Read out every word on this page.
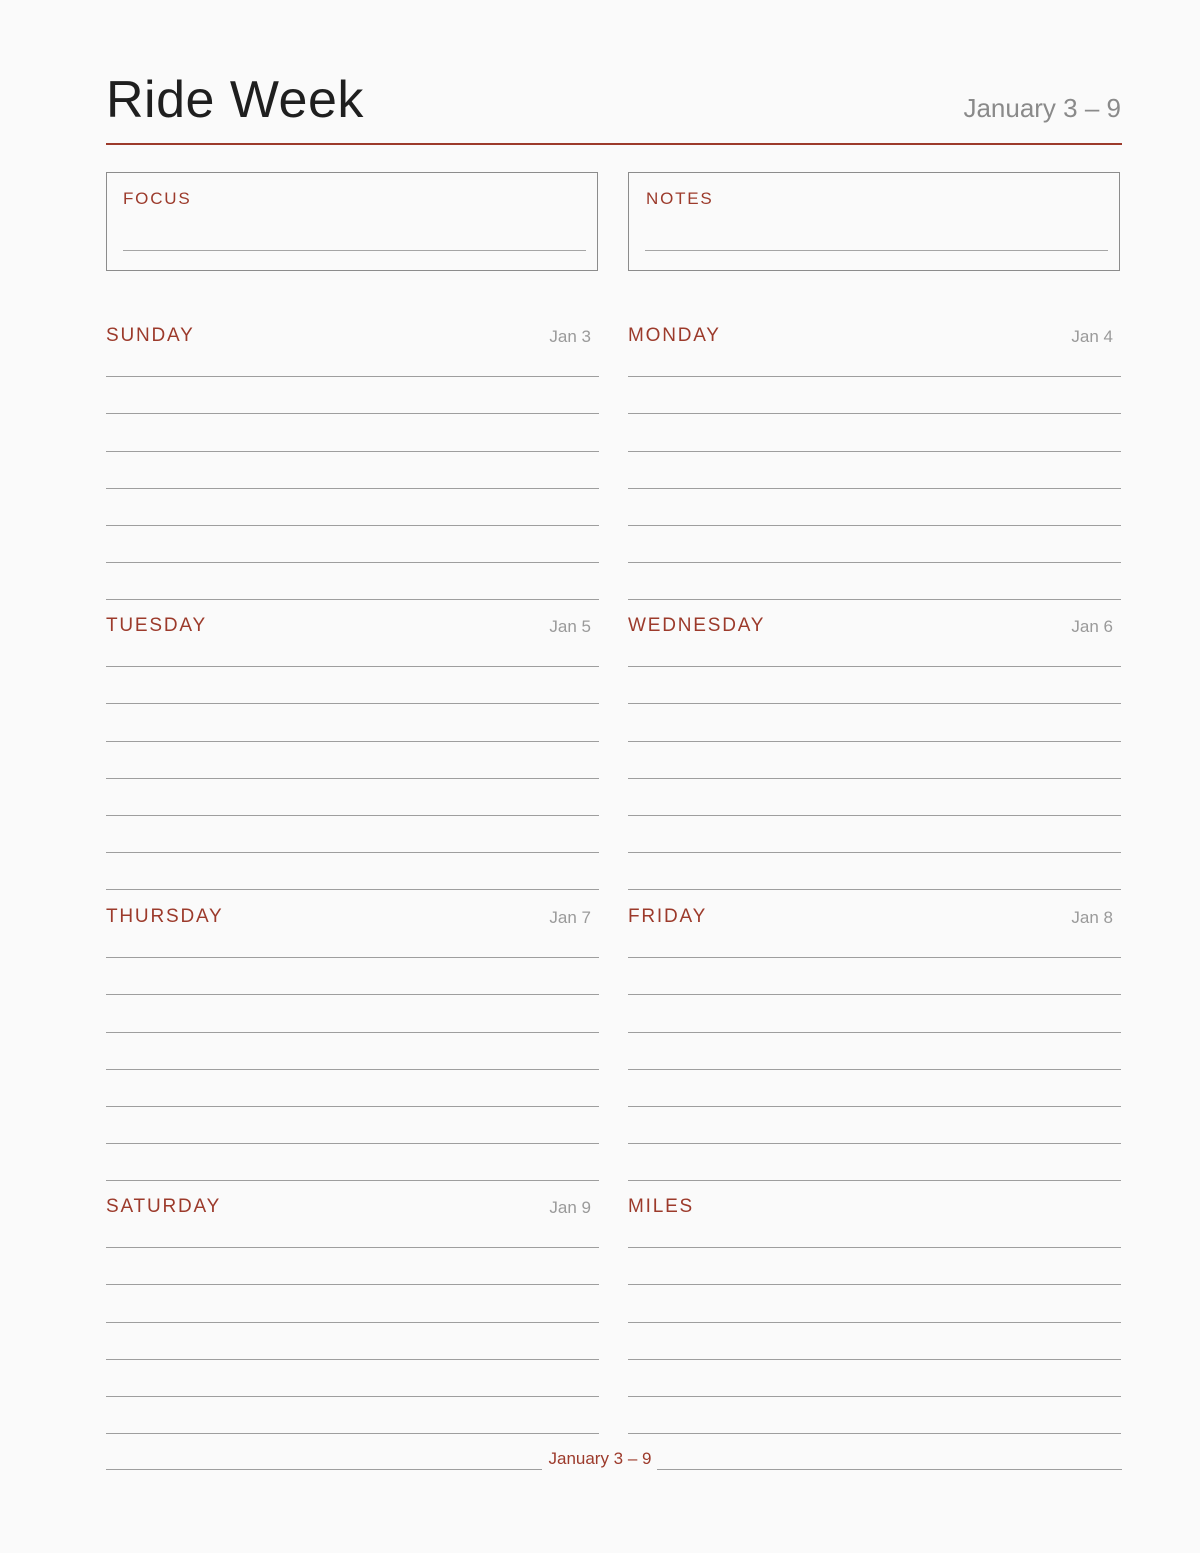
Ride Week	January 3 – 9
FOCUS	NOTES
SUNDAY	Jan 3 MONDAY	Jan 4
TUESDAY	Jan 5 WEDNESDAY	Jan 6
THURSDAY	Jan 7 FRIDAY	Jan 8
SATURDAY	Jan 9 MILES
January 3 – 9
